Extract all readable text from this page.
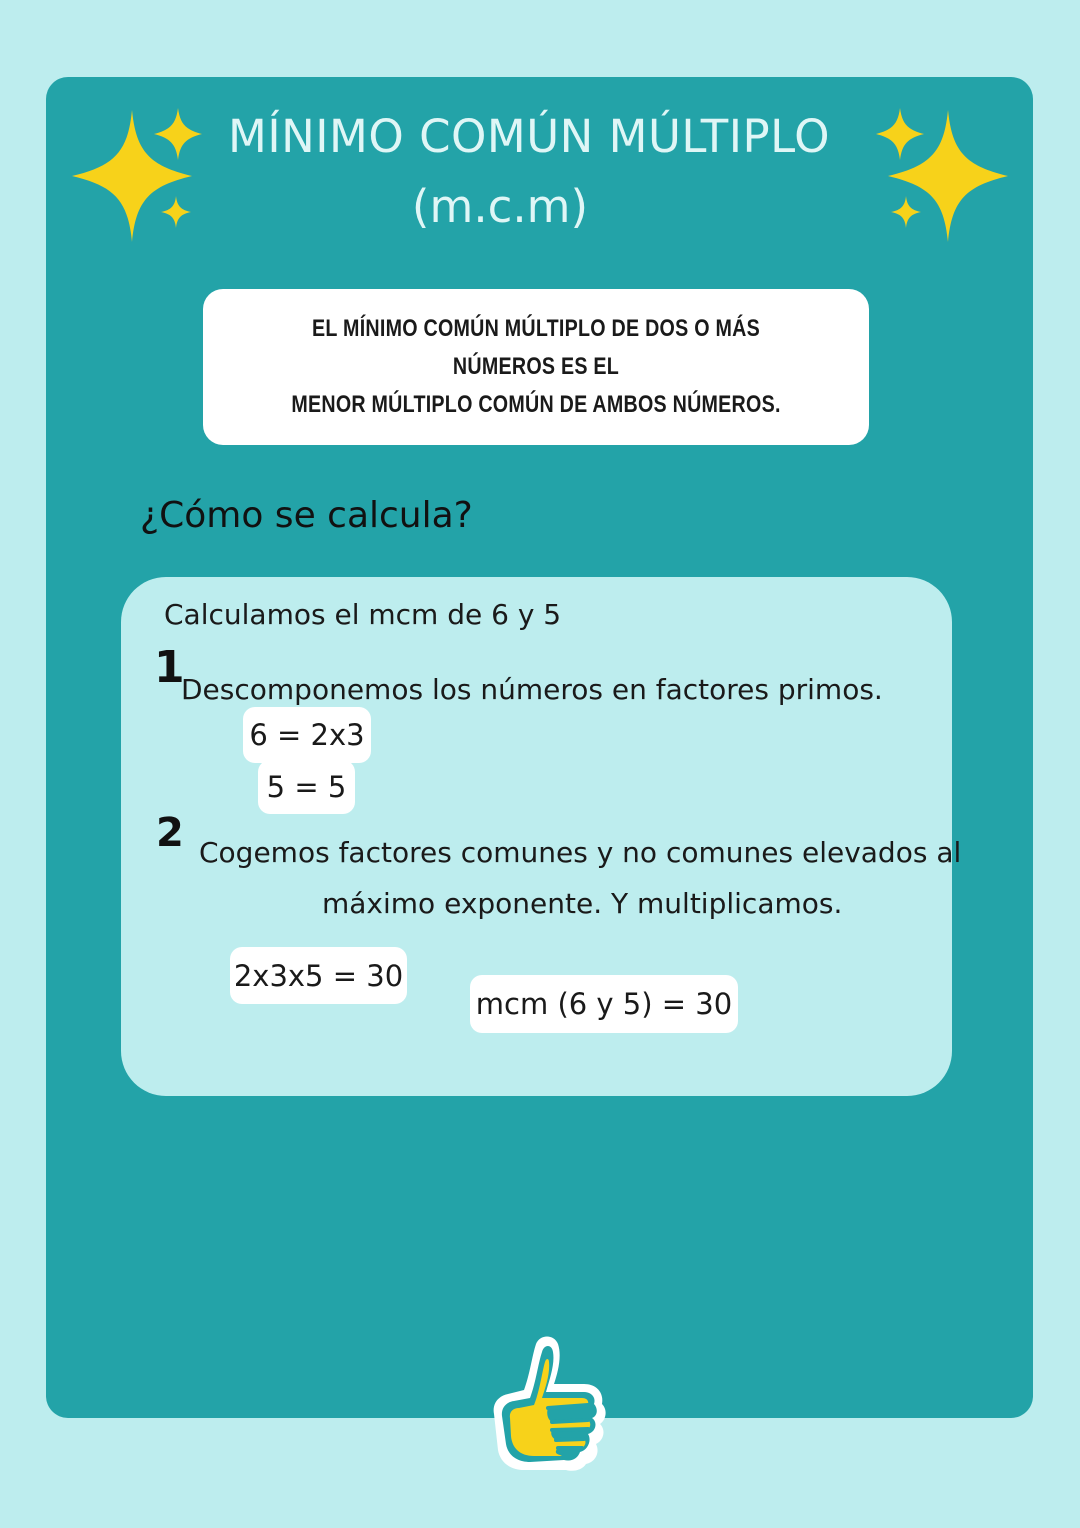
MÍNIMO COMÚN MÚLTIPLO
(m.c.m)
EL MÍNIMO COMÚN MÚLTIPLO DE DOS O MÁS NÚMEROS ES EL
MENOR MÚLTIPLO COMÚN DE AMBOS NÚMEROS.
¿Cómo se calcula?
Calculamos el mcm de 6 y 5
1
Descomponemos los números en factores primos.
6 = 2x3
5 = 5
2 Cogemos factores comunes y no comunes elevados al
máximo exponente. Y multiplicamos.
2x3x5 = 30
mcm (6 y 5) = 30
